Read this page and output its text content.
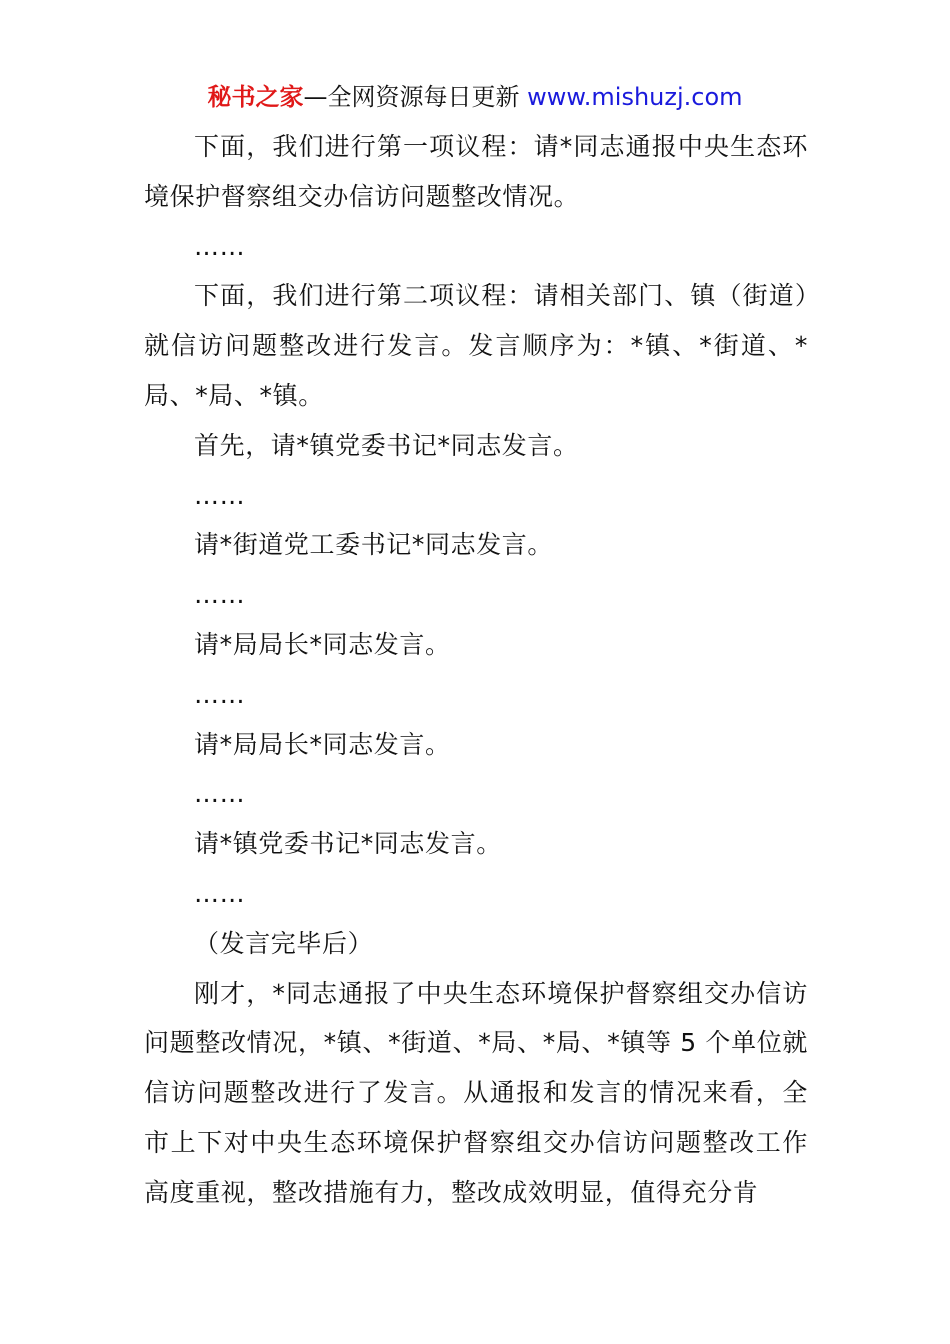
秘书之家—全网资源每日更新 www.mishuzj.com

下面，我们进行第一项议程：请*同志通报中央生态环境保护督察组交办信访问题整改情况。

……

下面，我们进行第二项议程：请相关部门、镇（街道）就信访问题整改进行发言。发言顺序为：*镇、*街道、*局、*局、*镇。

首先，请*镇党委书记*同志发言。

……

请*街道党工委书记*同志发言。

……

请*局局长*同志发言。

……

请*局局长*同志发言。

……

请*镇党委书记*同志发言。

……

（发言完毕后）

刚才，*同志通报了中央生态环境保护督察组交办信访问题整改情况，*镇、*街道、*局、*局、*镇等 5 个单位就信访问题整改进行了发言。从通报和发言的情况来看，全市上下对中央生态环境保护督察组交办信访问题整改工作高度重视，整改措施有力，整改成效明显，值得充分肯
